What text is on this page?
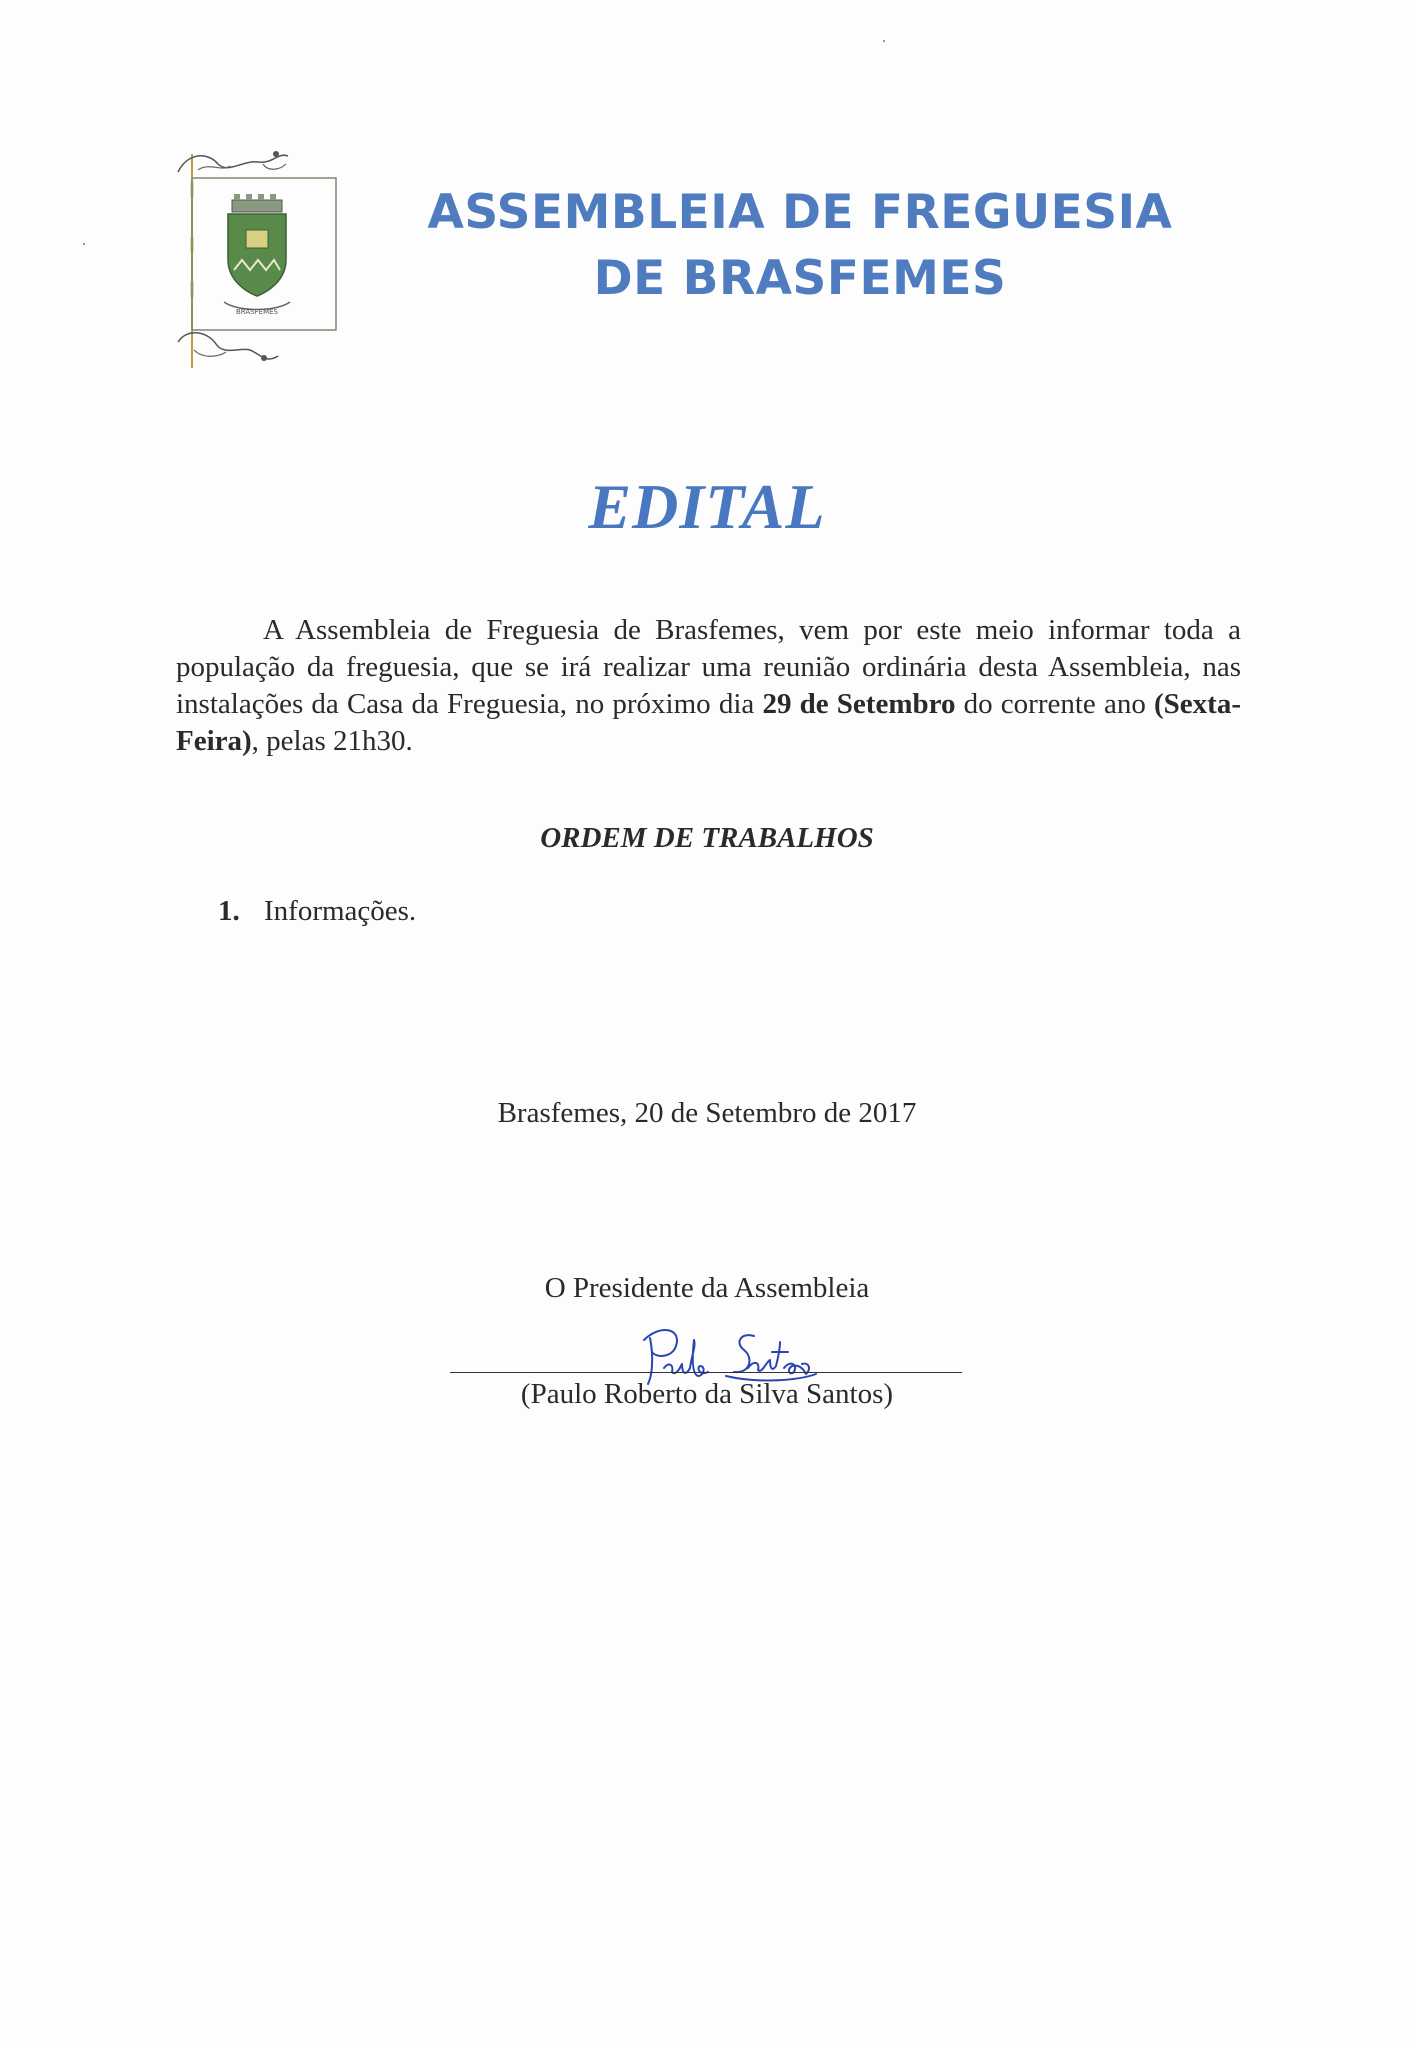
BRASFEMES
ASSEMBLEIA DE FREGUESIA
DE BRASFEMES
EDITAL
A Assembleia de Freguesia de Brasfemes, vem por este meio informar toda a população da freguesia, que se irá realizar uma reunião ordinária desta Assembleia, nas instalações da Casa da Freguesia, no próximo dia 29 de Setembro do corrente ano (Sexta-Feira), pelas 21h30.
ORDEM DE TRABALHOS
1. Informações.
Brasfemes, 20 de Setembro de 2017
O Presidente da Assembleia
(Paulo Roberto da Silva Santos)
